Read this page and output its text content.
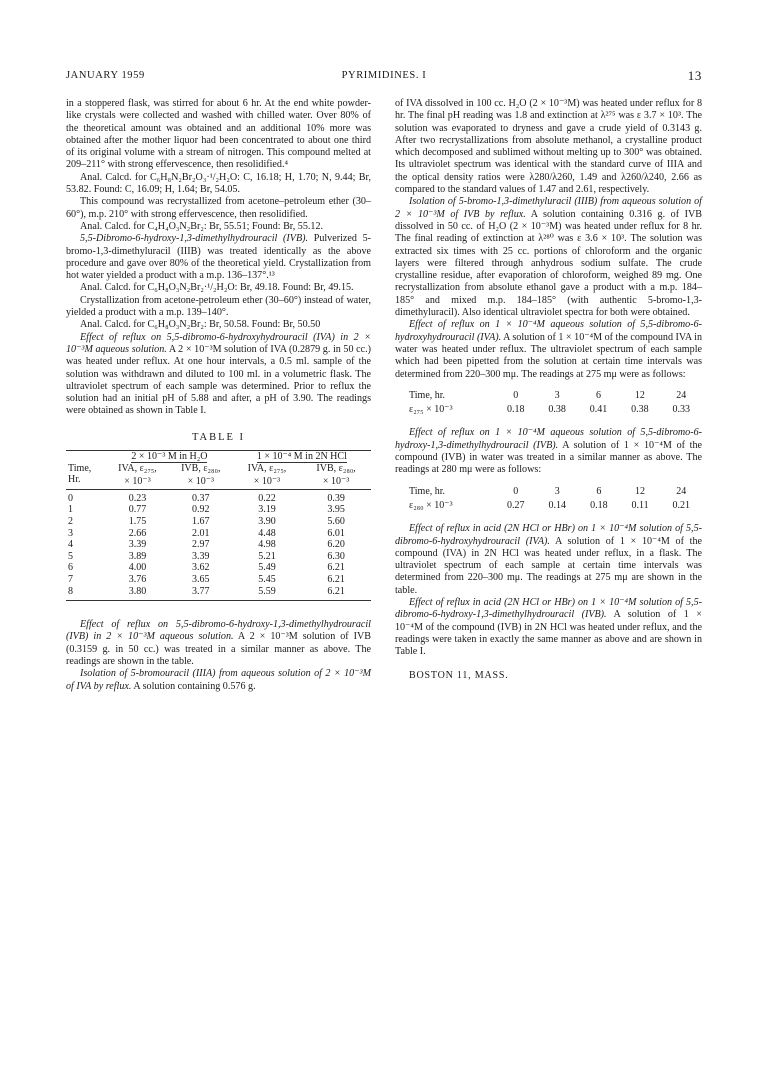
JANUARY 1959	PYRIMIDINES. I	13

in a stoppered flask, was stirred for about 6 hr. At the end white powder-like crystals were collected and washed with chilled water. Over 80% of the theoretical amount was obtained and an additional 10% more was obtained after the mother liquor had been concentrated to about one third of its original volume with a stream of nitrogen. This compound melted at 209–211° with strong effervescence, then resolidified.⁴

Anal. Calcd. for C₆H₈N₂Br₂O₃·¹/₂H₂O: C, 16.18; H, 1.70; N, 9.44; Br, 53.82. Found: C, 16.09; H, 1.64; Br, 54.05.

This compound was recrystallized from acetone–petroleum ether (30–60°), m.p. 210° with strong effervescence, then resolidified.

Anal. Calcd. for C₄H₄O₃N₂Br₂: Br, 55.51; Found: Br, 55.12.

5,5-Dibromo-6-hydroxy-1,3-dimethylhydrouracil (IVB). Pulverized 5-bromo-1,3-dimethyluracil (IIIB) was treated identically as the above procedure and gave over 80% of the theoretical yield. Crystallization from hot water yielded a product with a m.p. 136–137°.¹³

Anal. Calcd. for C₆H₈O₃N₂Br₂·¹/₂H₂O: Br, 49.18. Found: Br, 49.15.

Crystallization from acetone-petroleum ether (30–60°) instead of water, yielded a product with a m.p. 139–140°.

Anal. Calcd. for C₆H₈O₃N₂Br₂: Br, 50.58. Found: Br, 50.50

Effect of reflux on 5,5-dibromo-6-hydroxyhydrouracil (IVA) in 2 × 10⁻³M aqueous solution. A 2 × 10⁻³M solution of IVA (0.2879 g. in 50 cc.) was heated under reflux. At one hour intervals, a 0.5 ml. sample of the solution was withdrawn and diluted to 100 ml. in a volumetric flask. The ultraviolet spectrum of each sample was determined. Prior to reflux the solution had an initial pH of 5.88 and after, a pH of 3.90. The readings were obtained as shown in Table I.

TABLE I
	2 × 10⁻³ M in H₂O		1 × 10⁻⁴ M in 2N HCl	
Time,	IVA, ε₂₇₅,	IVB, ε₂₈₀,	IVA, ε₂₇₅,	IVB, ε₂₈₀,
Hr.	× 10⁻³	× 10⁻³	× 10⁻³	× 10⁻³
0	0.23	0.37	0.22	0.39
1	0.77	0.92	3.19	3.95
2	1.75	1.67	3.90	5.60
3	2.66	2.01	4.48	6.01
4	3.39	2.97	4.98	6.20
5	3.89	3.39	5.21	6.30
6	4.00	3.62	5.49	6.21
7	3.76	3.65	5.45	6.21
8	3.80	3.77	5.59	6.21

Effect of reflux on 5,5-dibromo-6-hydroxy-1,3-dimethylhydrouracil (IVB) in 2 × 10⁻³M aqueous solution. A 2 × 10⁻³M solution of IVB (0.3159 g. in 50 cc.) was treated in a similar manner as above. The readings are shown in the table.

Isolation of 5-bromouracil (IIIA) from aqueous solution of 2 × 10⁻³M of IVA by reflux. A solution containing 0.576 g.

of IVA dissolved in 100 cc. H₂O (2 × 10⁻³M) was heated under reflux for 8 hr. The final pH reading was 1.8 and extinction at λ²⁷⁵ was ε 3.7 × 10³. The solution was evaporated to dryness and gave a crude yield of 0.3143 g. After two recrystallizations from absolute methanol, a crystalline product which decomposed and sublimed without melting up to 300° was obtained. Its ultraviolet spectrum was identical with the standard curve of IIIA and the optical density ratios were λ280/λ260, 1.49 and λ260/λ240, 2.66 as compared to the standard values of 1.47 and 2.61, respectively.

Isolation of 5-bromo-1,3-dimethyluracil (IIIB) from aqueous solution of 2 × 10⁻³M of IVB by reflux. A solution containing 0.316 g. of IVB dissolved in 50 cc. of H₂O (2 × 10⁻³M) was heated under reflux for 8 hr. The final reading of extinction at λ²⁸⁰ was ε 3.6 × 10³. The solution was extracted six times with 25 cc. portions of chloroform and the organic layers were filtered through anhydrous sodium sulfate. The crude crystalline residue, after evaporation of chloroform, weighed 89 mg. One recrystallization from absolute ethanol gave a product with a m.p. 184–185° and mixed m.p. 184–185° (with authentic 5-bromo-1,3-dimethyluracil). Also identical ultraviolet spectra for both were obtained.

Effect of reflux on 1 × 10⁻⁴M aqueous solution of 5,5-dibromo-6-hydroxyhydrouracil (IVA). A solution of 1 × 10⁻⁴M of the compound IVA in water was heated under reflux. The ultraviolet spectrum of each sample which had been pipetted from the solution at certain time intervals was determined from 220–300 mμ. The readings at 275 mμ were as follows:

Time, hr.	0	3	6	12	24
ε₂₇₅ × 10⁻³	0.18	0.38	0.41	0.38	0.33

Effect of reflux on 1 × 10⁻⁴M aqueous solution of 5,5-dibromo-6-hydroxy-1,3-dimethylhydrouracil (IVB). A solution of 1 × 10⁻⁴M of the compound (IVB) in water was treated in a similar manner as above. The readings at 280 mμ were as follows:

Time, hr.	0	3	6	12	24
ε₂₈₀ × 10⁻³	0.27	0.14	0.18	0.11	0.21

Effect of reflux in acid (2N HCl or HBr) on 1 × 10⁻⁴M solution of 5,5-dibromo-6-hydroxyhydrouracil (IVA). A solution of 1 × 10⁻⁴M of the compound (IVA) in 2N HCl was heated under reflux, in a flask. The ultraviolet spectrum of each sample at certain time intervals was determined from 220–300 mμ. The readings at 275 mμ are shown in the table.

Effect of reflux in acid (2N HCl or HBr) on 1 × 10⁻⁴M solution of 5,5-dibromo-6-hydroxy-1,3-dimethylhydrouracil (IVB). A solution of 1 × 10⁻⁴M of the compound (IVB) in 2N HCl was heated under reflux, and the readings were taken in exactly the same manner as above and are shown in Table I.

BOSTON 11, MASS.
